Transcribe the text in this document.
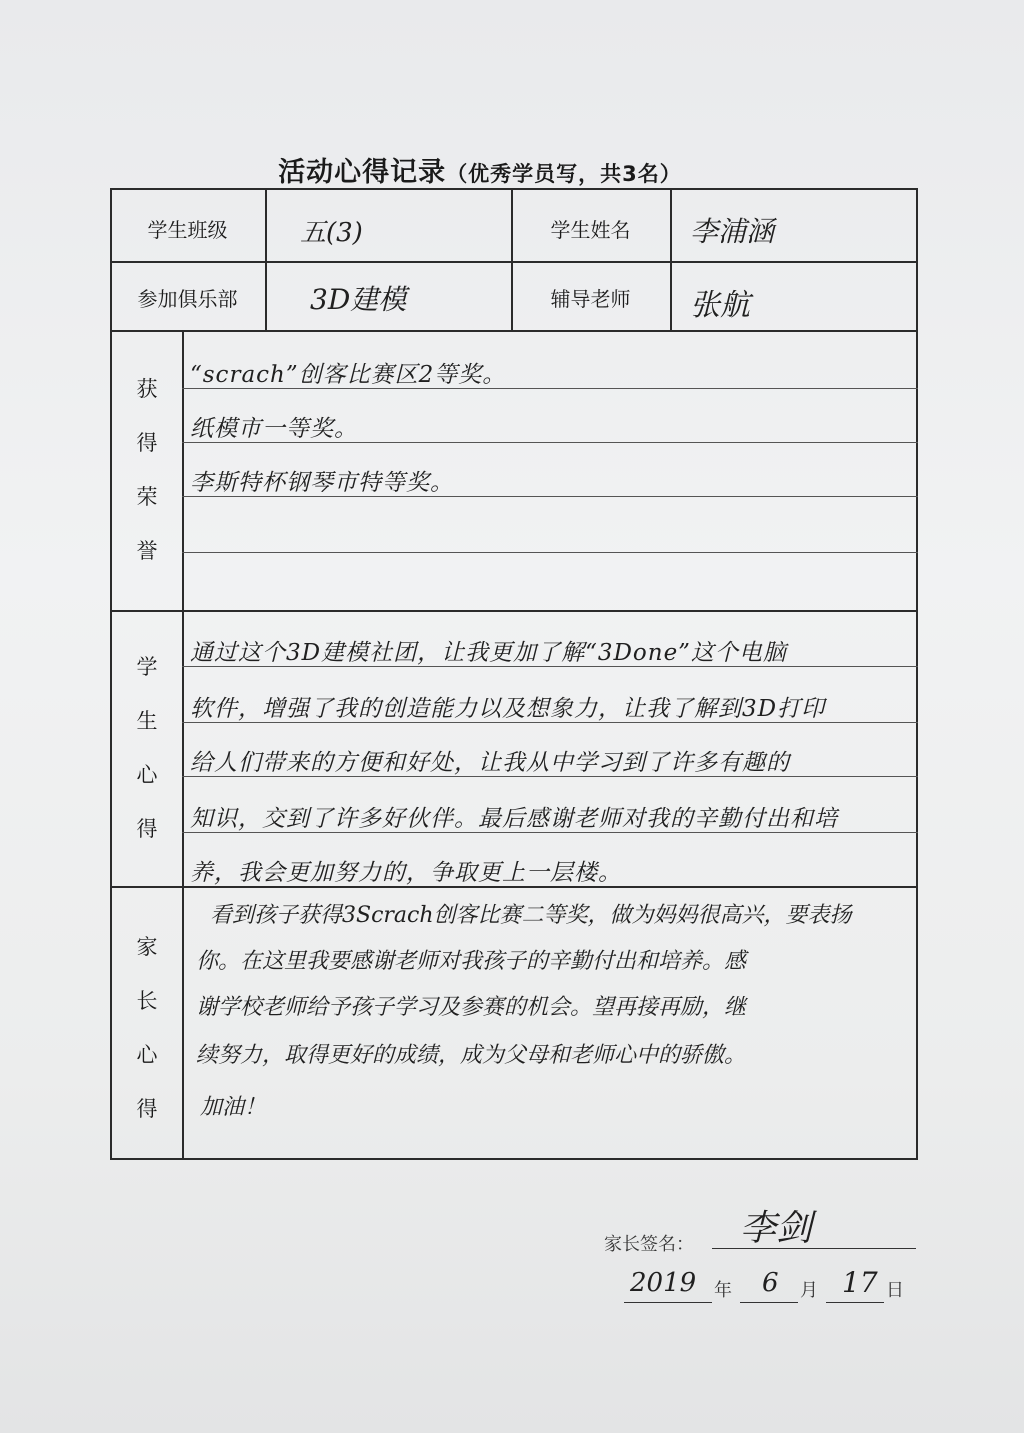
活动心得记录（优秀学员写，共3名）
学生班级	五(3)	学生姓名	李浦涵
参加俱乐部	3D建模	辅导老师	张航
获
得
荣
誉
“scrach”创客比赛区2等奖。
纸模市一等奖。
李斯特杯钢琴市特等奖。
学
生
心
得
通过这个3D建模社团，让我更加了解“3Done”这个电脑
软件，增强了我的创造能力以及想象力，让我了解到3D打印
给人们带来的方便和好处，让我从中学习到了许多有趣的
知识，交到了许多好伙伴。最后感谢老师对我的辛勤付出和培
养，我会更加努力的，争取更上一层楼。
家
长
心
得
看到孩子获得3Scrach创客比赛二等奖，做为妈妈很高兴，要表扬
你。在这里我要感谢老师对我孩子的辛勤付出和培养。感
谢学校老师给予孩子学习及参赛的机会。望再接再励，继
续努力，取得更好的成绩，成为父母和老师心中的骄傲。
加油！
家长签名： 李剑
2019 年 6 月 17 日
